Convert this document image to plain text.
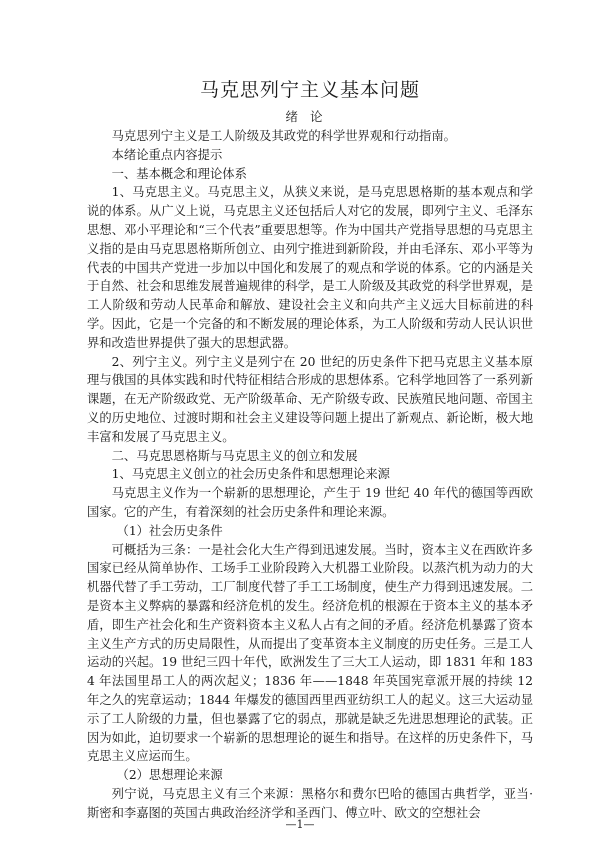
马克思列宁主义基本问题
绪论

马克思列宁主义是工人阶级及其政党的科学世界观和行动指南。

本绪论重点内容提示

一、基本概念和理论体系

1、马克思主义。马克思主义，从狭义来说，是马克思恩格斯的基本观点和学说的体系。从广义上说，马克思主义还包括后人对它的发展，即列宁主义、毛泽东思想、邓小平理论和“三个代表”重要思想等。作为中国共产党指导思想的马克思主义指的是由马克思恩格斯所创立、由列宁推进到新阶段，并由毛泽东、邓小平等为代表的中国共产党进一步加以中国化和发展了的观点和学说的体系。它的内涵是关于自然、社会和思维发展普遍规律的科学，是工人阶级及其政党的科学世界观，是工人阶级和劳动人民革命和解放、建设社会主义和向共产主义远大目标前进的科学。因此，它是一个完备的和不断发展的理论体系，为工人阶级和劳动人民认识世界和改造世界提供了强大的思想武器。

2、列宁主义。列宁主义是列宁在 20 世纪的历史条件下把马克思主义基本原理与俄国的具体实践和时代特征相结合形成的思想体系。它科学地回答了一系列新课题，在无产阶级政党、无产阶级革命、无产阶级专政、民族殖民地问题、帝国主义的历史地位、过渡时期和社会主义建设等问题上提出了新观点、新论断，极大地丰富和发展了马克思主义。

二、马克思恩格斯与马克思主义的创立和发展

1、马克思主义创立的社会历史条件和思想理论来源

马克思主义作为一个崭新的思想理论，产生于 19 世纪 40 年代的德国等西欧国家。它的产生，有着深刻的社会历史条件和理论来源。

（1）社会历史条件

可概括为三条：一是社会化大生产得到迅速发展。当时，资本主义在西欧许多国家已经从简单协作、工场手工业阶段跨入大机器工业阶段。以蒸汽机为动力的大机器代替了手工劳动，工厂制度代替了手工工场制度，使生产力得到迅速发展。二是资本主义弊病的暴露和经济危机的发生。经济危机的根源在于资本主义的基本矛盾，即生产社会化和生产资料资本主义私人占有之间的矛盾。经济危机暴露了资本主义生产方式的历史局限性，从而提出了变革资本主义制度的历史任务。三是工人运动的兴起。19 世纪三四十年代，欧洲发生了三大工人运动，即 1831 年和 1834 年法国里昂工人的两次起义；1836 年——1848 年英国宪章派开展的持续 12 年之久的宪章运动；1844 年爆发的德国西里西亚纺织工人的起义。这三大运动显示了工人阶级的力量，但也暴露了它的弱点，那就是缺乏先进思想理论的武装。正因为如此，迫切要求一个崭新的思想理论的诞生和指导。在这样的历史条件下，马克思主义应运而生。

（2）思想理论来源

列宁说，马克思主义有三个来源：黑格尔和费尔巴哈的德国古典哲学，亚当·斯密和李嘉图的英国古典政治经济学和圣西门、傅立叶、欧文的空想社会

—1—
